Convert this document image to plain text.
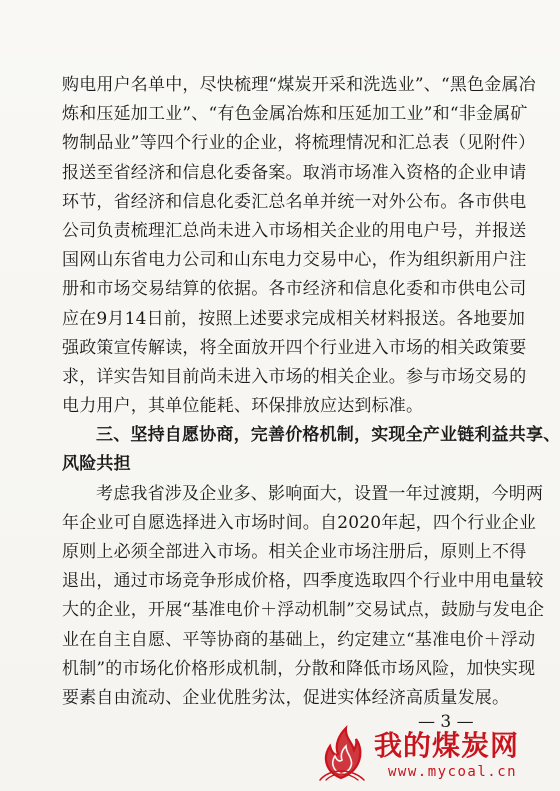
购电用户名单中，尽快梳理“煤炭开采和洗选业”、“黑色金属冶
炼和压延加工业”、“有色金属冶炼和压延加工业”和“非金属矿
物制品业”等四个行业的企业，将梳理情况和汇总表（见附件）
报送至省经济和信息化委备案。取消市场准入资格的企业申请
环节，省经济和信息化委汇总名单并统一对外公布。各市供电
公司负责梳理汇总尚未进入市场相关企业的用电户号，并报送
国网山东省电力公司和山东电力交易中心，作为组织新用户注
册和市场交易结算的依据。各市经济和信息化委和市供电公司
应在9月14日前，按照上述要求完成相关材料报送。各地要加
强政策宣传解读，将全面放开四个行业进入市场的相关政策要
求，详实告知目前尚未进入市场的相关企业。参与市场交易的
电力用户，其单位能耗、环保排放应达到标准。
三、坚持自愿协商，完善价格机制，实现全产业链利益共享、
风险共担
考虑我省涉及企业多、影响面大，设置一年过渡期，今明两
年企业可自愿选择进入市场时间。自2020年起，四个行业企业
原则上必须全部进入市场。相关企业市场注册后，原则上不得
退出，通过市场竞争形成价格，四季度选取四个行业中用电量较
大的企业，开展“基准电价＋浮动机制”交易试点，鼓励与发电企
业在自主自愿、平等协商的基础上，约定建立“基准电价＋浮动
机制”的市场化价格形成机制，分散和降低市场风险，加快实现
要素自由流动、企业优胜劣汰，促进实体经济高质量发展。
— 3 —
我的煤炭网
www.mycoal.cn
